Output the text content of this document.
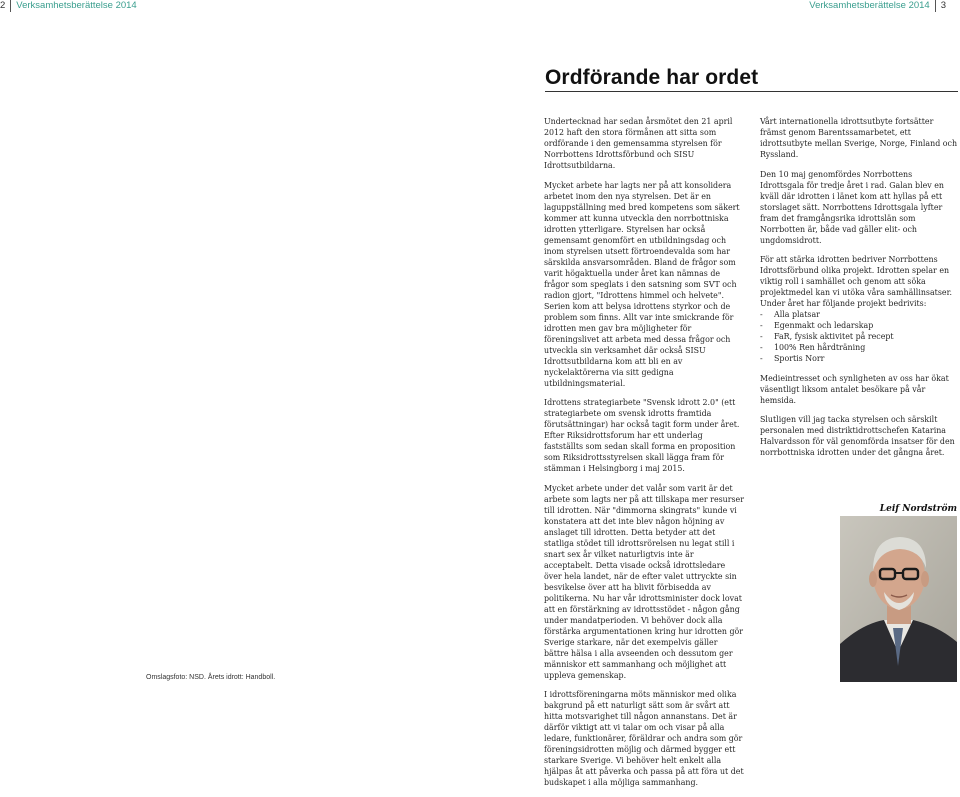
2 Verksamhetsberättelse 2014	Verksamhetsberättelse 2014 3
Ordförande har ordet

Undertecknad har sedan årsmötet den 21 april 2012 haft den stora förmånen att sitta som ordförande i den gemensamma styrelsen för Norrbottens Idrottsförbund och SISU Idrottsutbildarna.

Mycket arbete har lagts ner på att konsolidera arbetet inom den nya styrelsen. Det är en laguppställning med bred kompetens som säkert kommer att kunna utveckla den norrbottniska idrotten ytterligare. Styrelsen har också gemensamt genomfört en utbildningsdag och inom styrelsen utsett förtroendevalda som har särskilda ansvarsområden. Bland de frågor som varit högaktuella under året kan nämnas de frågor som speglats i den satsning som SVT och radion gjort, "Idrottens himmel och helvete". Serien kom att belysa idrottens styrkor och de problem som finns. Allt var inte smickrande för idrotten men gav bra möjligheter för föreningslivet att arbeta med dessa frågor och utveckla sin verksamhet där också SISU Idrottsutbildarna kom att bli en av nyckelaktörerna via sitt gedigna utbildningsmaterial.

Idrottens strategiarbete "Svensk idrott 2.0" (ett strategiarbete om svensk idrotts framtida förutsättningar) har också tagit form under året. Efter Riksidrottsforum har ett underlag fastställts som sedan skall forma en proposition som Riksidrottsstyrelsen skall lägga fram för stämman i Helsingborg i maj 2015.

Mycket arbete under det valår som varit är det arbete som lagts ner på att tillskapa mer resurser till idrotten. När "dimmorna skingrats" kunde vi konstatera att det inte blev någon höjning av anslaget till idrotten. Detta betyder att det statliga stödet till idrottsrörelsen nu legat still i snart sex år vilket naturligtvis inte är acceptabelt. Detta visade också idrottsledare över hela landet, när de efter valet uttryckte sin besvikelse över att ha blivit förbisedda av politikerna. Nu har vår idrottsminister dock lovat att en förstärkning av idrottsstödet - någon gång under mandatperioden. Vi behöver dock alla förstärka argumentationen kring hur idrotten gör Sverige starkare, när det exempelvis gäller bättre hälsa i alla avseenden och dessutom ger människor ett sammanhang och möjlighet att uppleva gemenskap.

I idrottsföreningarna möts människor med olika bakgrund på ett naturligt sätt som är svårt att hitta motsvarighet till någon annanstans. Det är därför viktigt att vi talar om och visar på alla ledare, funktionärer, föräldrar och andra som gör föreningsidrotten möjlig och därmed bygger ett starkare Sverige. Vi behöver helt enkelt alla hjälpas åt att påverka och passa på att föra ut det budskapet i alla möjliga sammanhang.

Vårt internationella idrottsutbyte fortsätter främst genom Barentssamarbetet, ett idrottsutbyte mellan Sverige, Norge, Finland och Ryssland.

Den 10 maj genomfördes Norrbottens Idrottsgala för tredje året i rad. Galan blev en kväll där idrotten i länet kom att hyllas på ett storslaget sätt. Norrbottens Idrottsgala lyfter fram det framgångsrika idrottslän som Norrbotten är, både vad gäller elit- och ungdomsidrott.

För att stärka idrotten bedriver Norrbottens Idrottsförbund olika projekt. Idrotten spelar en viktig roll i samhället och genom att söka projektmedel kan vi utöka våra samhällinsatser. Under året har följande projekt bedrivits:

- Alla platsar
- Egenmakt och ledarskap
- FaR, fysisk aktivitet på recept
- 100% Ren hårdträning
- Sportis Norr

Medieintresset och synligheten av oss har ökat väsentligt liksom antalet besökare på vår hemsida.

Slutligen vill jag tacka styrelsen och särskilt personalen med distriktidrottschefen Katarina Halvardsson för väl genomförda insatser för den norrbottniska idrotten under det gångna året.

Leif Nordström
Omslagsfoto: NSD. Årets idrott: Handboll.
